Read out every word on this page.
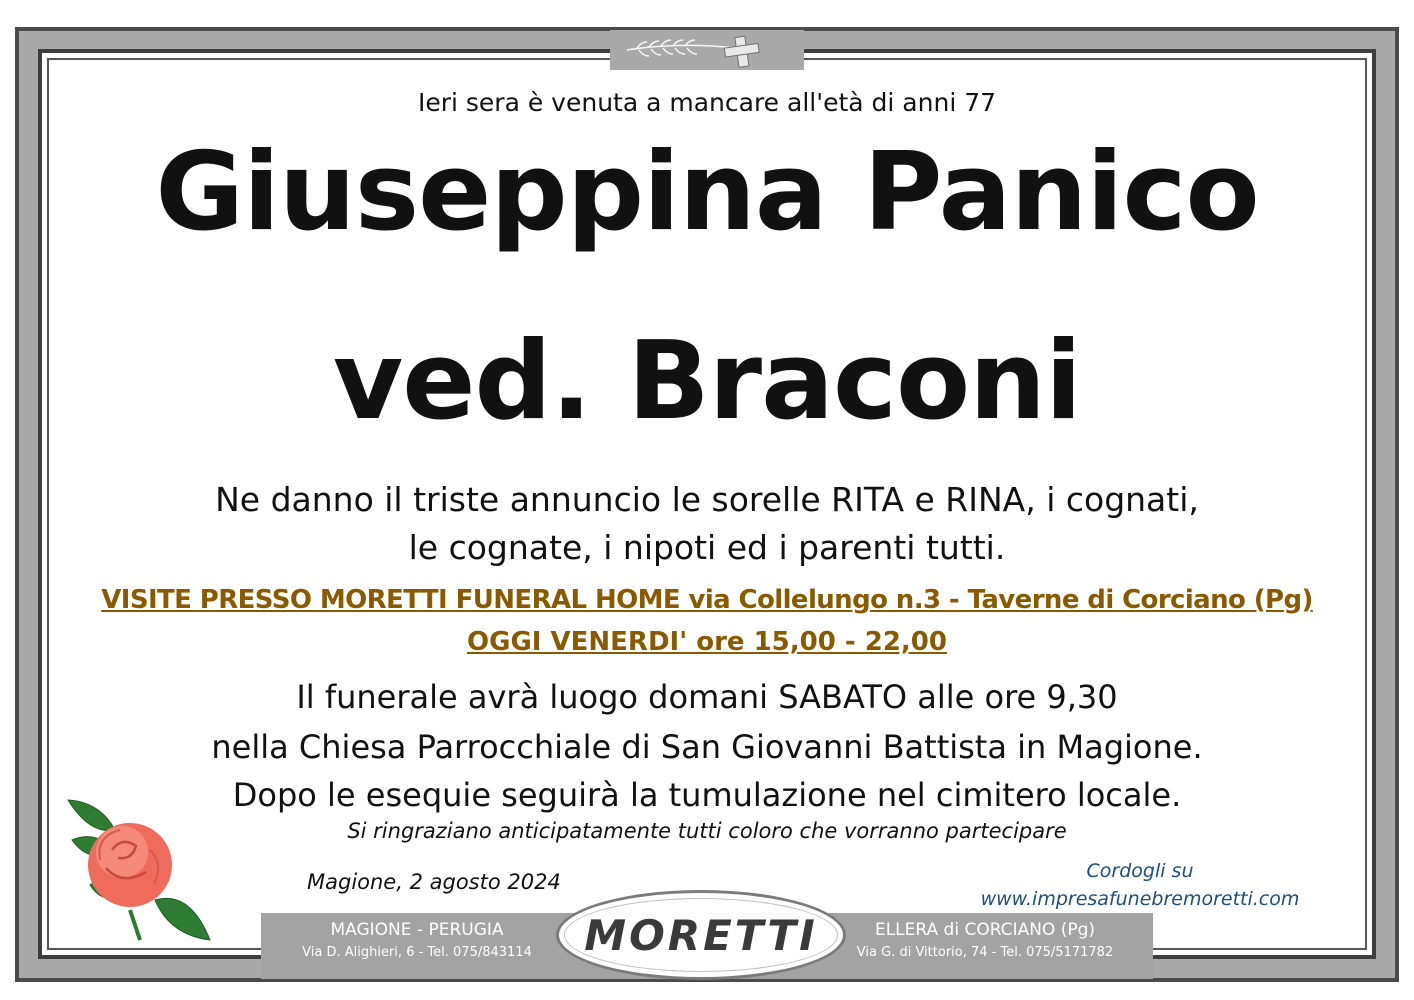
Ieri sera è venuta a mancare all'età di anni 77
Giuseppina Panico
ved. Braconi
Ne danno il triste annuncio le sorelle RITA e RINA, i cognati,
le cognate, i nipoti ed i parenti tutti.
VISITE PRESSO MORETTI FUNERAL HOME via Collelungo n.3 - Taverne di Corciano (Pg)
OGGI VENERDI' ore 15,00 - 22,00
Il funerale avrà luogo domani SABATO alle ore 9,30
nella Chiesa Parrocchiale di San Giovanni Battista in Magione.
Dopo le esequie seguirà la tumulazione nel cimitero locale.
Si ringraziano anticipatamente tutti coloro che vorranno partecipare
Magione, 2 agosto 2024	Cordogli su
www.impresafunebremoretti.com
MAGIONE - PERUGIA
Via D. Alighieri, 6 - Tel. 075/843114
ELLERA di CORCIANO (Pg)
Via G. di Vittorio, 74 - Tel. 075/5171782
MORETTI
